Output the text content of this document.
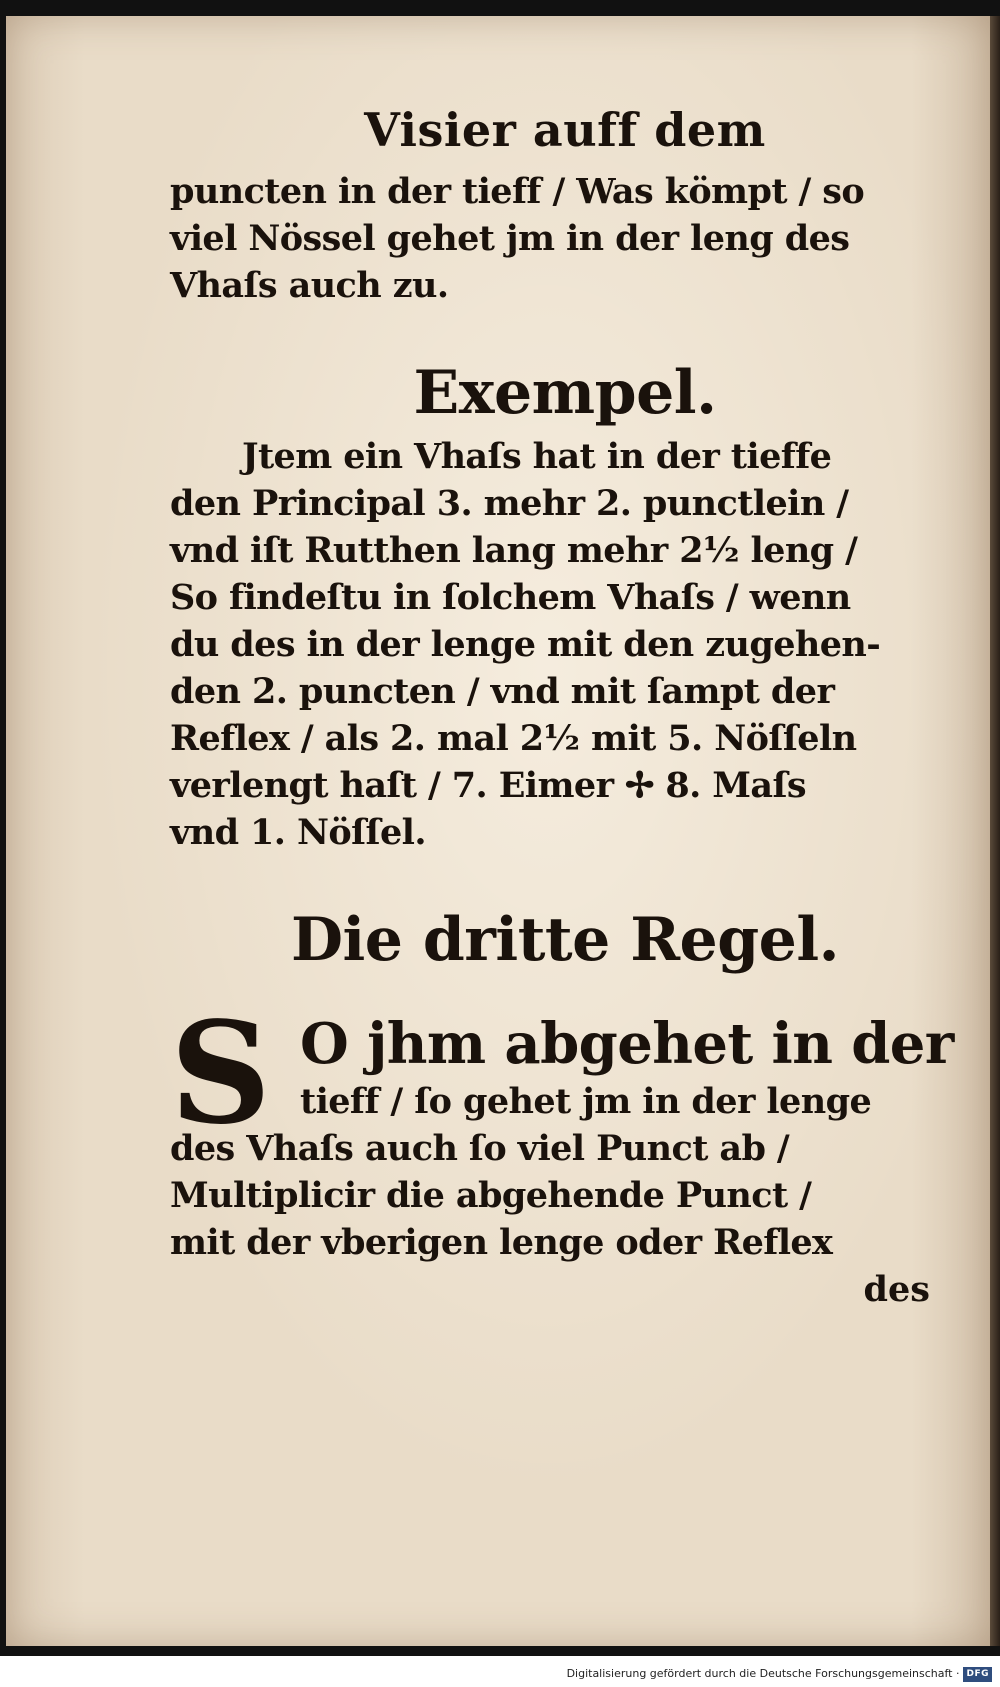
Visier auff dem
puncten in der tieff / Was kömpt / so
viel Nössel gehet jm in der leng des
Vhaſs auch zu.
Exempel.
Jtem ein Vhaſs hat in der tieffe
den Principal 3. mehr 2. punctlein /
vnd iſt Rutthen lang mehr 2½ leng /
So findeſtu in ſolchem Vhaſs / wenn
du des in der lenge mit den zugehen-
den 2. puncten / vnd mit ſampt der
Reflex / als 2. mal 2½ mit 5. Nöſſeln
verlengt haſt / 7. Eimer ✢ 8. Maſs
vnd 1. Nöſſel.
Die dritte Regel.
S O jhm abgehet in der
tieff / ſo gehet jm in der lenge
des Vhaſs auch ſo viel Punct ab /
Multiplicir die abgehende Punct /
mit der vberigen lenge oder Reflex
des
Digitalisierung gefördert durch die Deutsche Forschungsgemeinschaft · DFG
